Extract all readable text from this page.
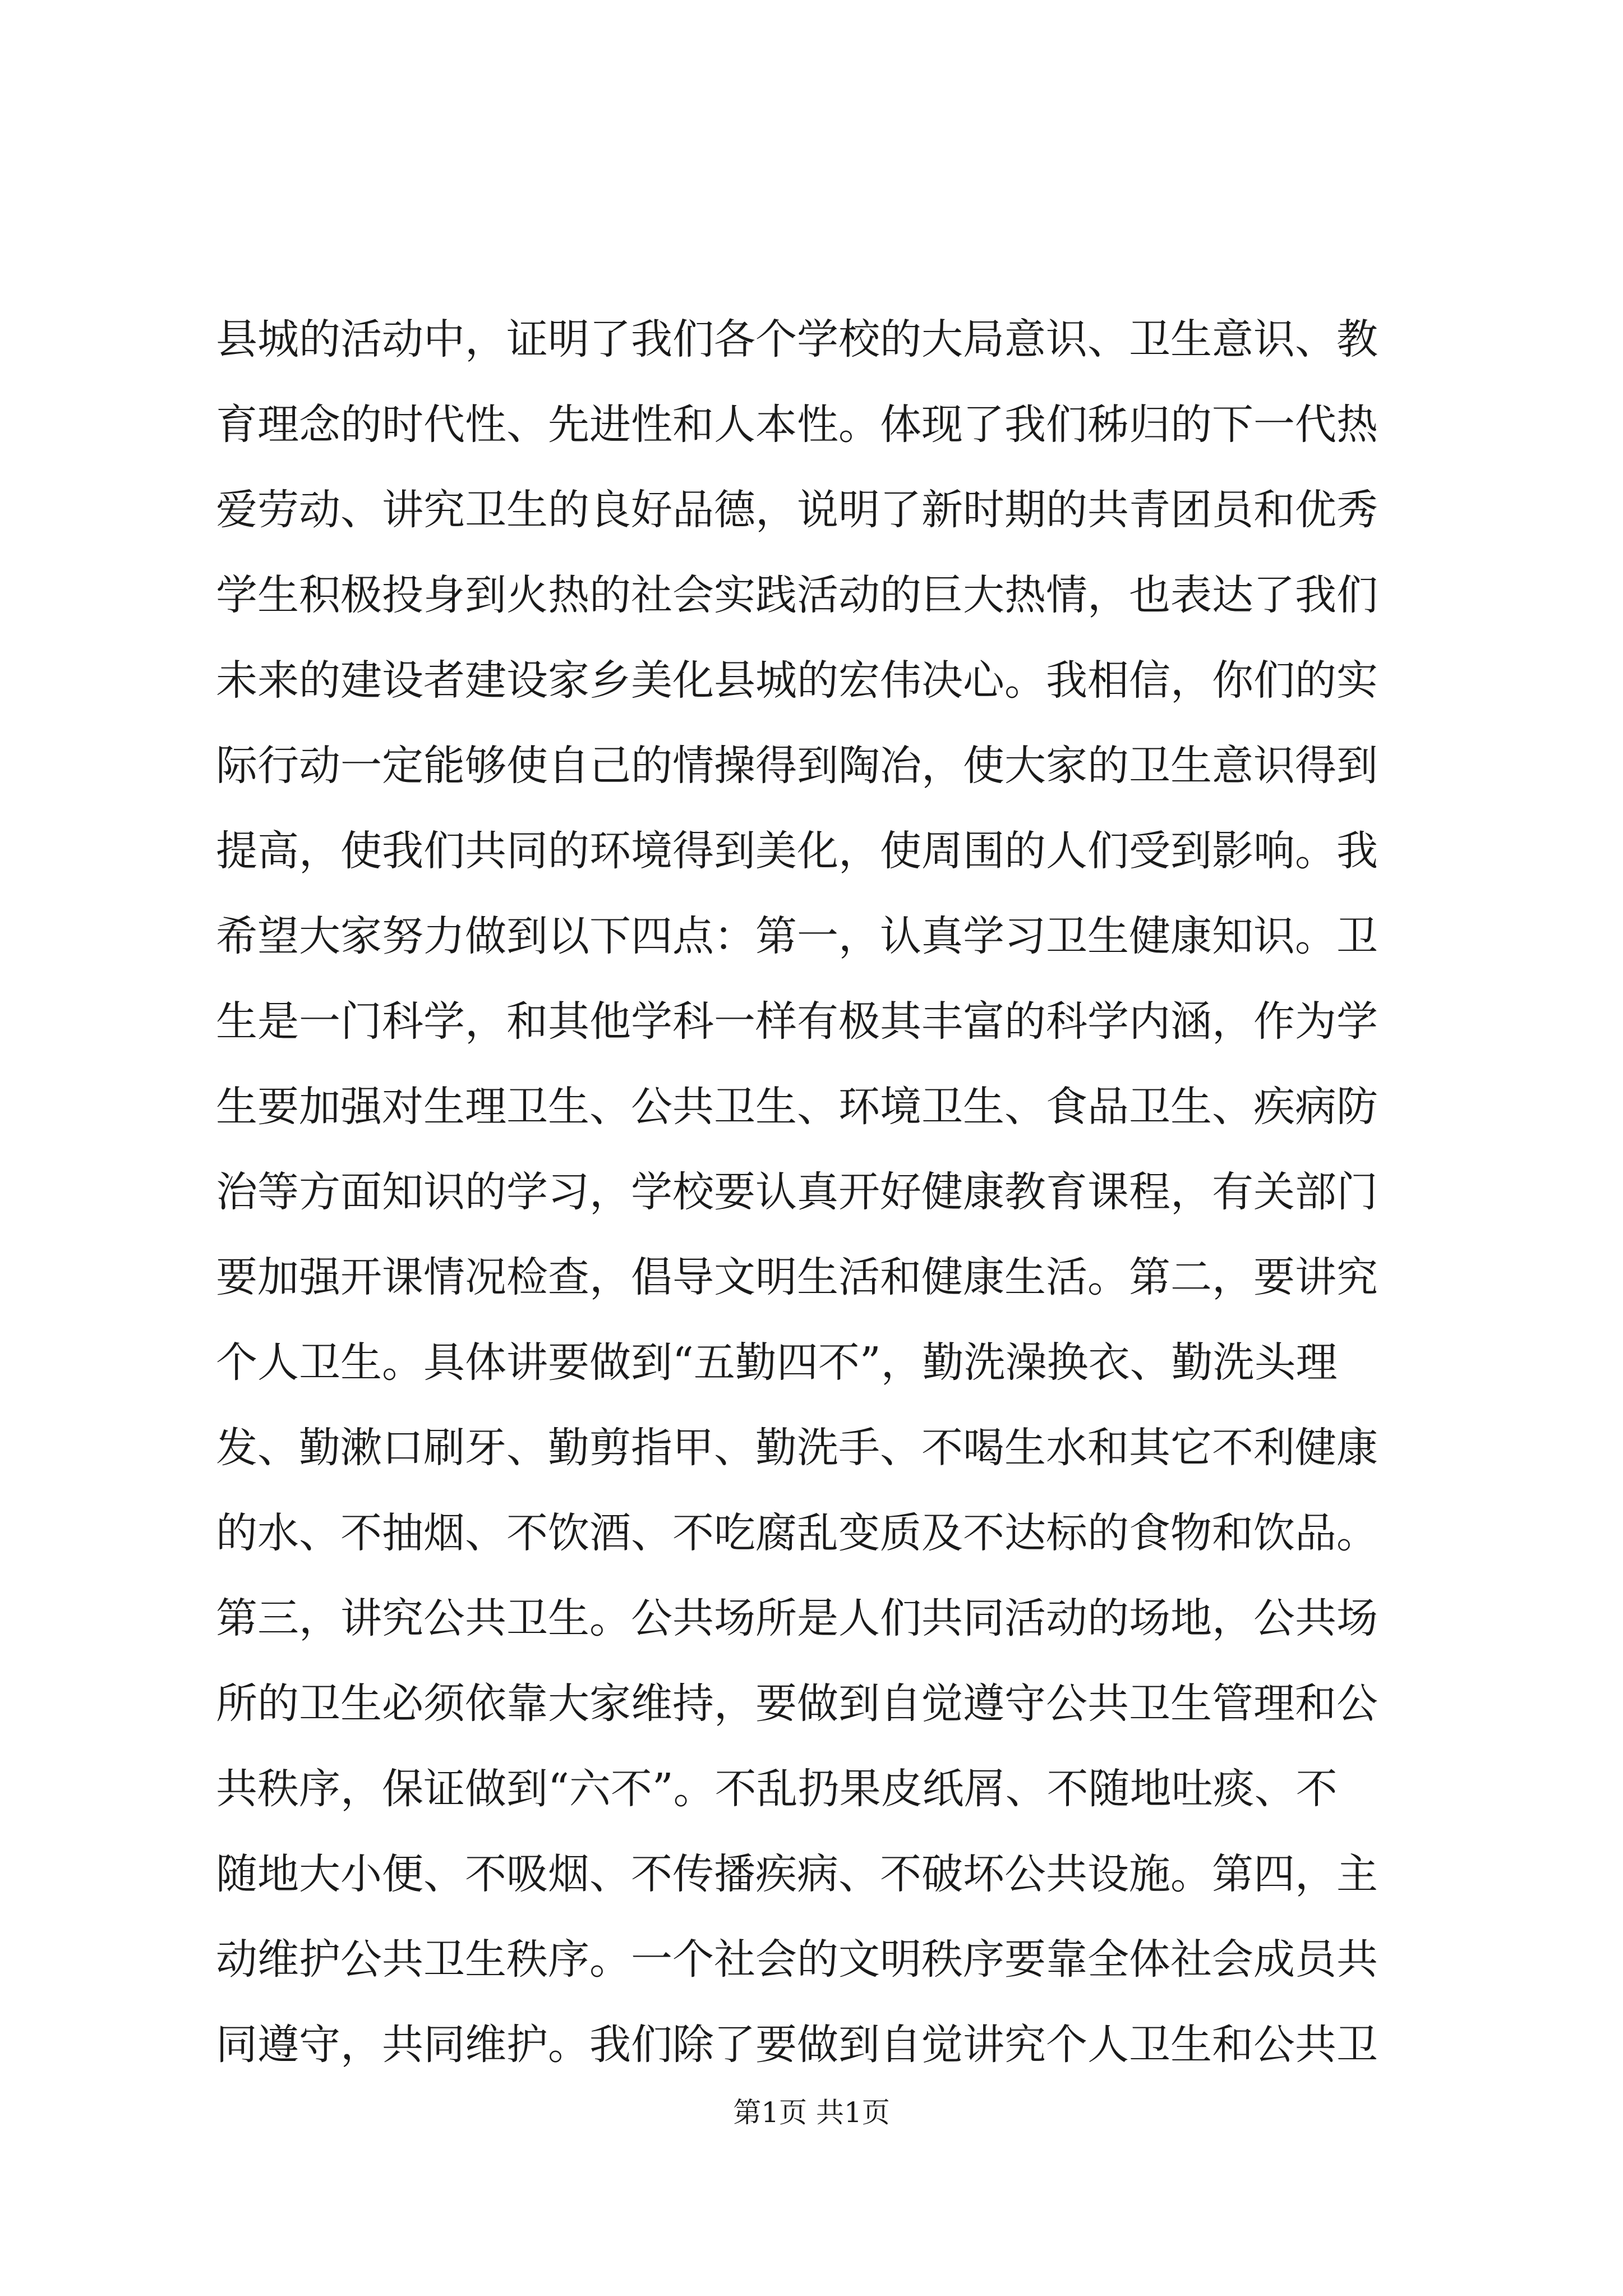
县城的活动中，证明了我们各个学校的大局意识、卫生意识、教
育理念的时代性、先进性和人本性。体现了我们秭归的下一代热
爱劳动、讲究卫生的良好品德，说明了新时期的共青团员和优秀
学生积极投身到火热的社会实践活动的巨大热情，也表达了我们
未来的建设者建设家乡美化县城的宏伟决心。我相信，你们的实
际行动一定能够使自己的情操得到陶冶，使大家的卫生意识得到
提高，使我们共同的环境得到美化，使周围的人们受到影响。我
希望大家努力做到以下四点：第一，认真学习卫生健康知识。卫
生是一门科学，和其他学科一样有极其丰富的科学内涵，作为学
生要加强对生理卫生、公共卫生、环境卫生、食品卫生、疾病防
治等方面知识的学习，学校要认真开好健康教育课程，有关部门
要加强开课情况检查，倡导文明生活和健康生活。第二，要讲究
个人卫生。具体讲要做到“五勤四不”，勤洗澡换衣、勤洗头理
发、勤漱口刷牙、勤剪指甲、勤洗手、不喝生水和其它不利健康
的水、不抽烟、不饮酒、不吃腐乱变质及不达标的食物和饮品。
第三，讲究公共卫生。公共场所是人们共同活动的场地，公共场
所的卫生必须依靠大家维持，要做到自觉遵守公共卫生管理和公
共秩序，保证做到“六不”。不乱扔果皮纸屑、不随地吐痰、不
随地大小便、不吸烟、不传播疾病、不破坏公共设施。第四，主
动维护公共卫生秩序。一个社会的文明秩序要靠全体社会成员共
同遵守，共同维护。我们除了要做到自觉讲究个人卫生和公共卫
第1页 共1页
